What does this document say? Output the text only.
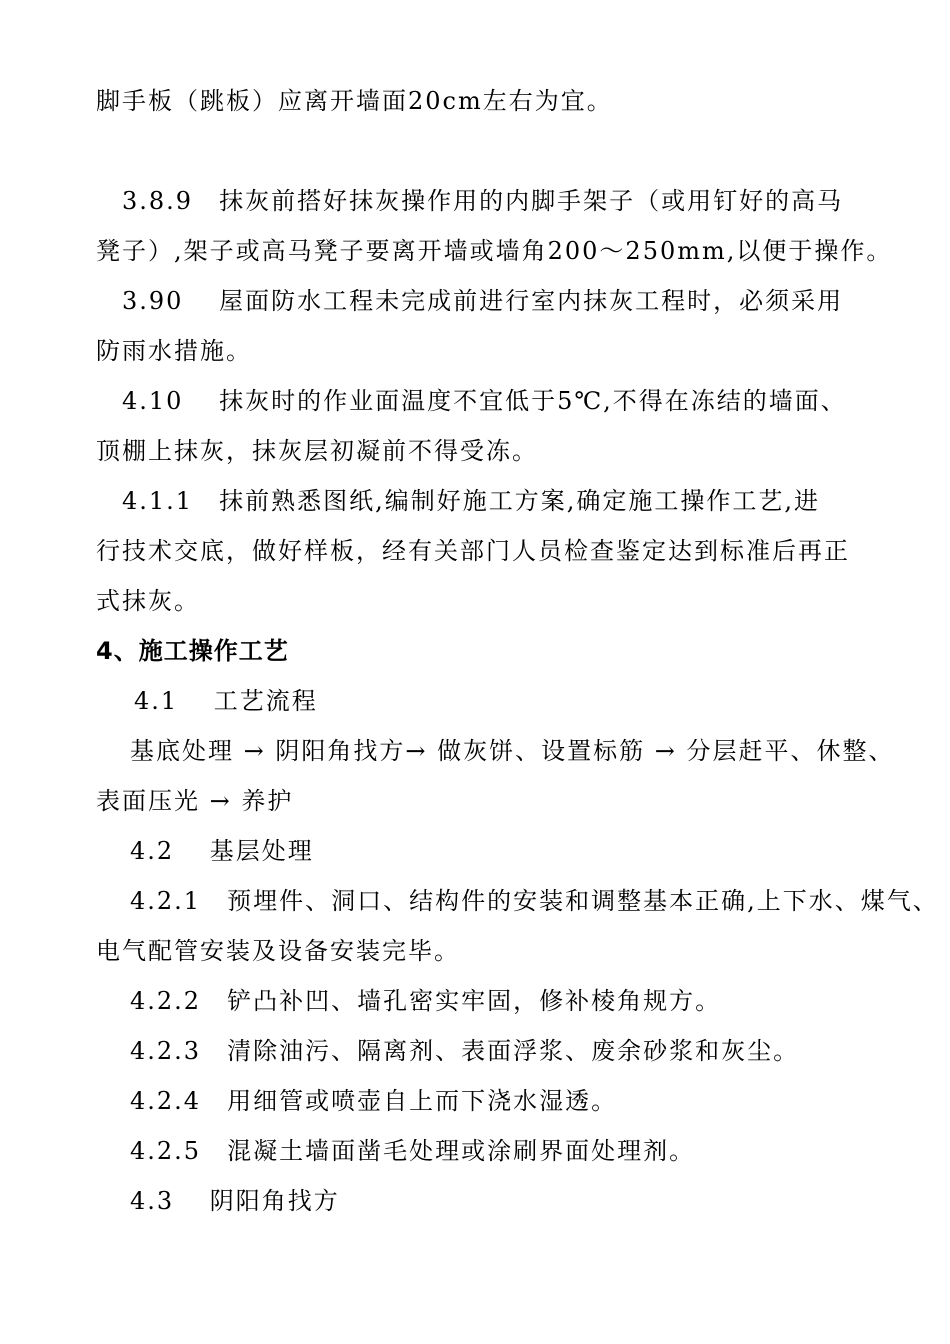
脚手板（跳板）应离开墙面20cm左右为宜。
3.8.9　抹灰前搭好抹灰操作用的内脚手架子（或用钉好的高马
凳子）,架子或高马凳子要离开墙或墙角200～250mm,以便于操作。
3.90　 屋面防水工程未完成前进行室内抹灰工程时，必须采用
防雨水措施。
4.10　 抹灰时的作业面温度不宜低于5℃,不得在冻结的墙面、
顶棚上抹灰，抹灰层初凝前不得受冻。
4.1.1　抹前熟悉图纸,编制好施工方案,确定施工操作工艺,进
行技术交底，做好样板，经有关部门人员检查鉴定达到标准后再正
式抹灰。
4、施工操作工艺
4.1　 工艺流程
基底处理 → 阴阳角找方→ 做灰饼、设置标筋 → 分层赶平、休整、
表面压光 → 养护
4.2　 基层处理
4.2.1　预埋件、洞口、结构件的安装和调整基本正确,上下水、煤气、
电气配管安装及设备安装完毕。
4.2.2　铲凸补凹、墙孔密实牢固，修补棱角规方。
4.2.3　清除油污、隔离剂、表面浮浆、废余砂浆和灰尘。
4.2.4　用细管或喷壶自上而下浇水湿透。
4.2.5　混凝土墙面凿毛处理或涂刷界面处理剂。
4.3　 阴阳角找方
